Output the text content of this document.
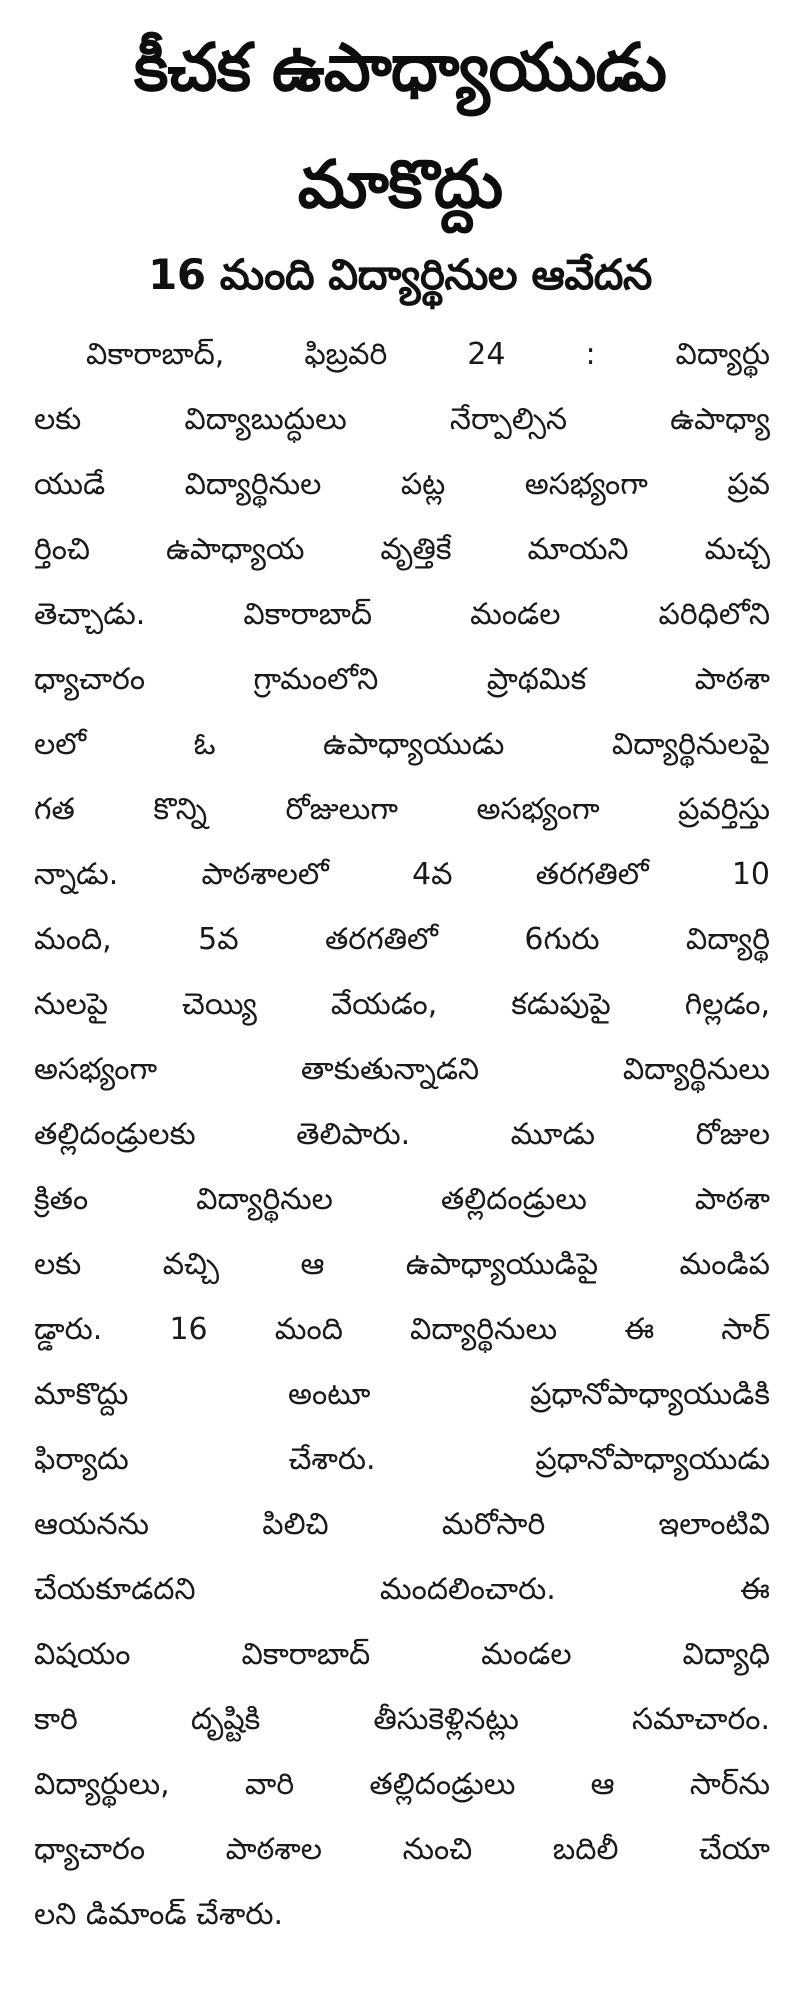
కీచక ఉపాధ్యాయుడు
మాకొద్దు
16 మంది విద్యార్థినుల ఆవేదన
వికారాబాద్, ఫిబ్రవరి 24 : విద్యార్థు
లకు విద్యాబుద్ధులు నేర్పాల్సిన ఉపాధ్యా
యుడే విద్యార్థినుల పట్ల అసభ్యంగా ప్రవ
ర్తించి ఉపాధ్యాయ వృత్తికే మాయని మచ్చ
తెచ్చాడు. వికారాబాద్ మండల పరిధిలోని
ధ్యాచారం గ్రామంలోని ప్రాథమిక పాఠశా
లలో ఓ ఉపాధ్యాయుడు విద్యార్థినులపై
గత కొన్ని రోజులుగా అసభ్యంగా ప్రవర్తిస్తు
న్నాడు. పాఠశాలలో 4వ తరగతిలో 10
మంది, 5వ తరగతిలో 6గురు విద్యార్థి
నులపై చెయ్యి వేయడం, కడుపుపై గిల్లడం,
అసభ్యంగా తాకుతున్నాడని విద్యార్థినులు
తల్లిదండ్రులకు తెలిపారు. మూడు రోజుల
క్రితం విద్యార్థినుల తల్లిదండ్రులు పాఠశా
లకు వచ్చి ఆ ఉపాధ్యాయుడిపై మండిప
డ్డారు. 16 మంది విద్యార్థినులు ఈ సార్
మాకొద్దు అంటూ ప్రధానోపాధ్యాయుడికి
ఫిర్యాదు చేశారు. ప్రధానోపాధ్యాయుడు
ఆయనను పిలిచి మరోసారి ఇలాంటివి
చేయకూడదని మందలించారు. ఈ
విషయం వికారాబాద్ మండల విద్యాధి
కారి దృష్టికి తీసుకెళ్లినట్లు సమాచారం.
విద్యార్థులు, వారి తల్లిదండ్రులు ఆ సార్‌ను
ధ్యాచారం పాఠశాల నుంచి బదిలీ చేయా
లని డిమాండ్ చేశారు.
